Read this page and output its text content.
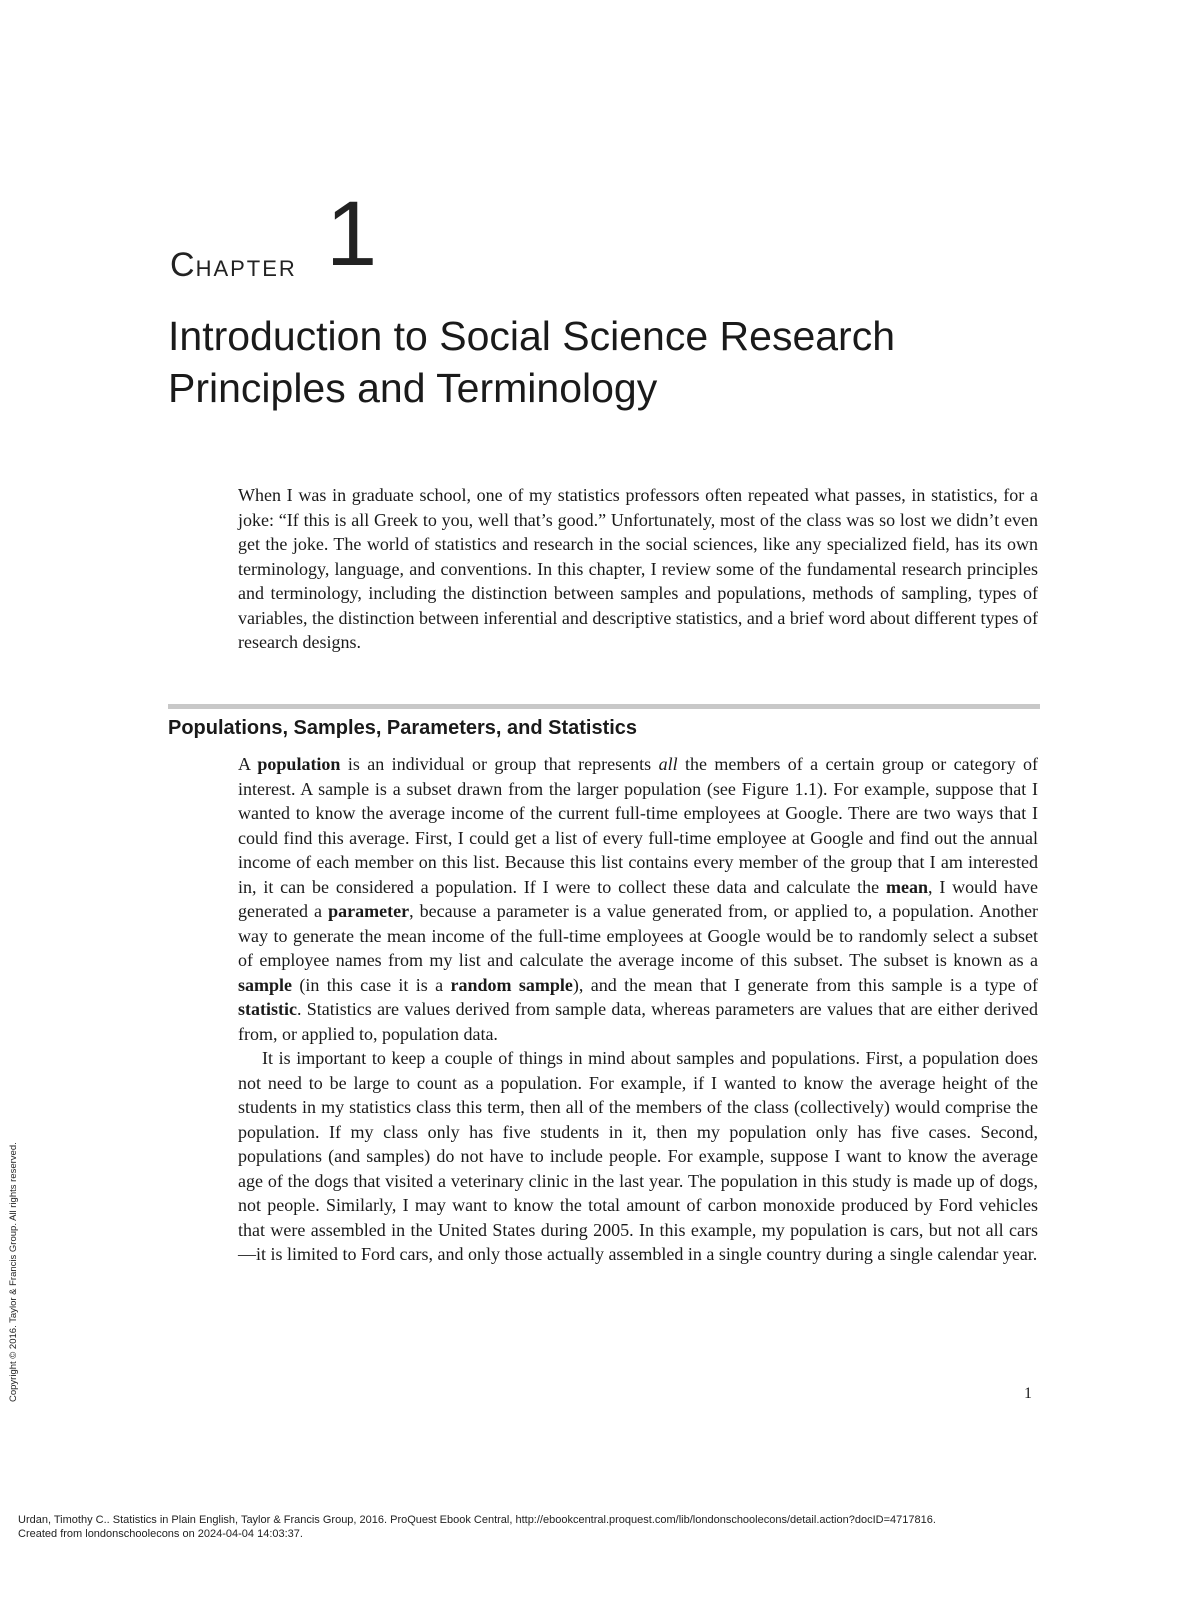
CHAPTER 1
Introduction to Social Science Research
Principles and Terminology

When I was in graduate school, one of my statistics professors often repeated what passes, in statistics, for a joke: “If this is all Greek to you, well that’s good.” Unfortunately, most of the class was so lost we didn’t even get the joke. The world of statistics and research in the social sciences, like any specialized field, has its own terminology, language, and conventions. In this chapter, I review some of the fundamental research principles and terminology, including the distinction between samples and populations, methods of sampling, types of variables, the distinction between inferential and descriptive statistics, and a brief word about different types of research designs.

Populations, Samples, Parameters, and Statistics

A population is an individual or group that represents all the members of a certain group or category of interest. A sample is a subset drawn from the larger population (see Figure 1.1). For example, suppose that I wanted to know the average income of the current full-time employees at Google. There are two ways that I could find this average. First, I could get a list of every full-time employee at Google and find out the annual income of each member on this list. Because this list contains every member of the group that I am interested in, it can be considered a population. If I were to collect these data and calculate the mean, I would have generated a parameter, because a parameter is a value generated from, or applied to, a population. Another way to generate the mean income of the full-time employees at Google would be to randomly select a subset of employee names from my list and calculate the average income of this subset. The subset is known as a sample (in this case it is a random sample), and the mean that I generate from this sample is a type of statistic. Statistics are values derived from sample data, whereas parameters are values that are either derived from, or applied to, population data.

It is important to keep a couple of things in mind about samples and populations. First, a population does not need to be large to count as a population. For example, if I wanted to know the average height of the students in my statistics class this term, then all of the members of the class (collectively) would comprise the population. If my class only has five students in it, then my population only has five cases. Second, populations (and samples) do not have to include people. For example, suppose I want to know the average age of the dogs that visited a veterinary clinic in the last year. The population in this study is made up of dogs, not people. Similarly, I may want to know the total amount of carbon monoxide produced by Ford vehicles that were assembled in the United States during 2005. In this example, my population is cars, but not all cars—it is limited to Ford cars, and only those actually assembled in a single country during a single calendar year.

1
Copyright © 2016. Taylor & Francis Group. All rights reserved.
Urdan, Timothy C.. Statistics in Plain English, Taylor & Francis Group, 2016. ProQuest Ebook Central, http://ebookcentral.proquest.com/lib/londonschoolecons/detail.action?docID=4717816.
Created from londonschoolecons on 2024-04-04 14:03:37.
